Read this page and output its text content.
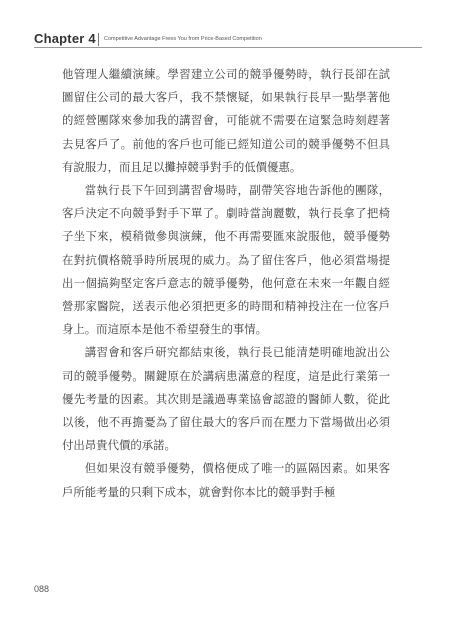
Chapter 4 Competitive Advantage Frees You from Price-Based Competition

他管理人繼續演練。學習建立公司的競爭優勢時，執行長卻在試圖留住公司的最大客戶，我不禁懷疑，如果執行長早一點學著他的經營團隊來參加我的講習會，可能就不需要在這緊急時刻趕著去見客戶了。前他的客戶也可能已經知道公司的競爭優勢不但具有說服力，而且足以攤掉競爭對手的低價優惠。

當執行長下午回到講習會場時，副帶笑容地告訴他的團隊，客戶決定不向競爭對手下單了。劇時當詢麗數，執行長拿了把椅子坐下來，模稍微參與演練，他不再需要匯來說服他，競爭優勢在對抗價格競爭時所展現的威力。為了留住客戶，他必須當場提出一個搞夠堅定客戶意志的競爭優勢，他何意在未來一年觀自經營那家醫院，送表示他必須把更多的時間和精神投注在一位客戶身上。而這原本是他不希望發生的事情。

講習會和客戶研究都結束後，執行長已能清楚明確地說出公司的競爭優勢。關鍵原在於講病患滿意的程度，這是此行業第一優先考量的因素。其次則是議過專業協會認證的醫師人數，從此以後，他不再擔憂為了留住最大的客戶而在壓力下當場做出必須付出昂貴代價的承諾。

但如果沒有競爭優勢，價格便成了唯一的區隔因素。如果客戶所能考量的只剩下成本，就會對你本比的競爭對手極

088
